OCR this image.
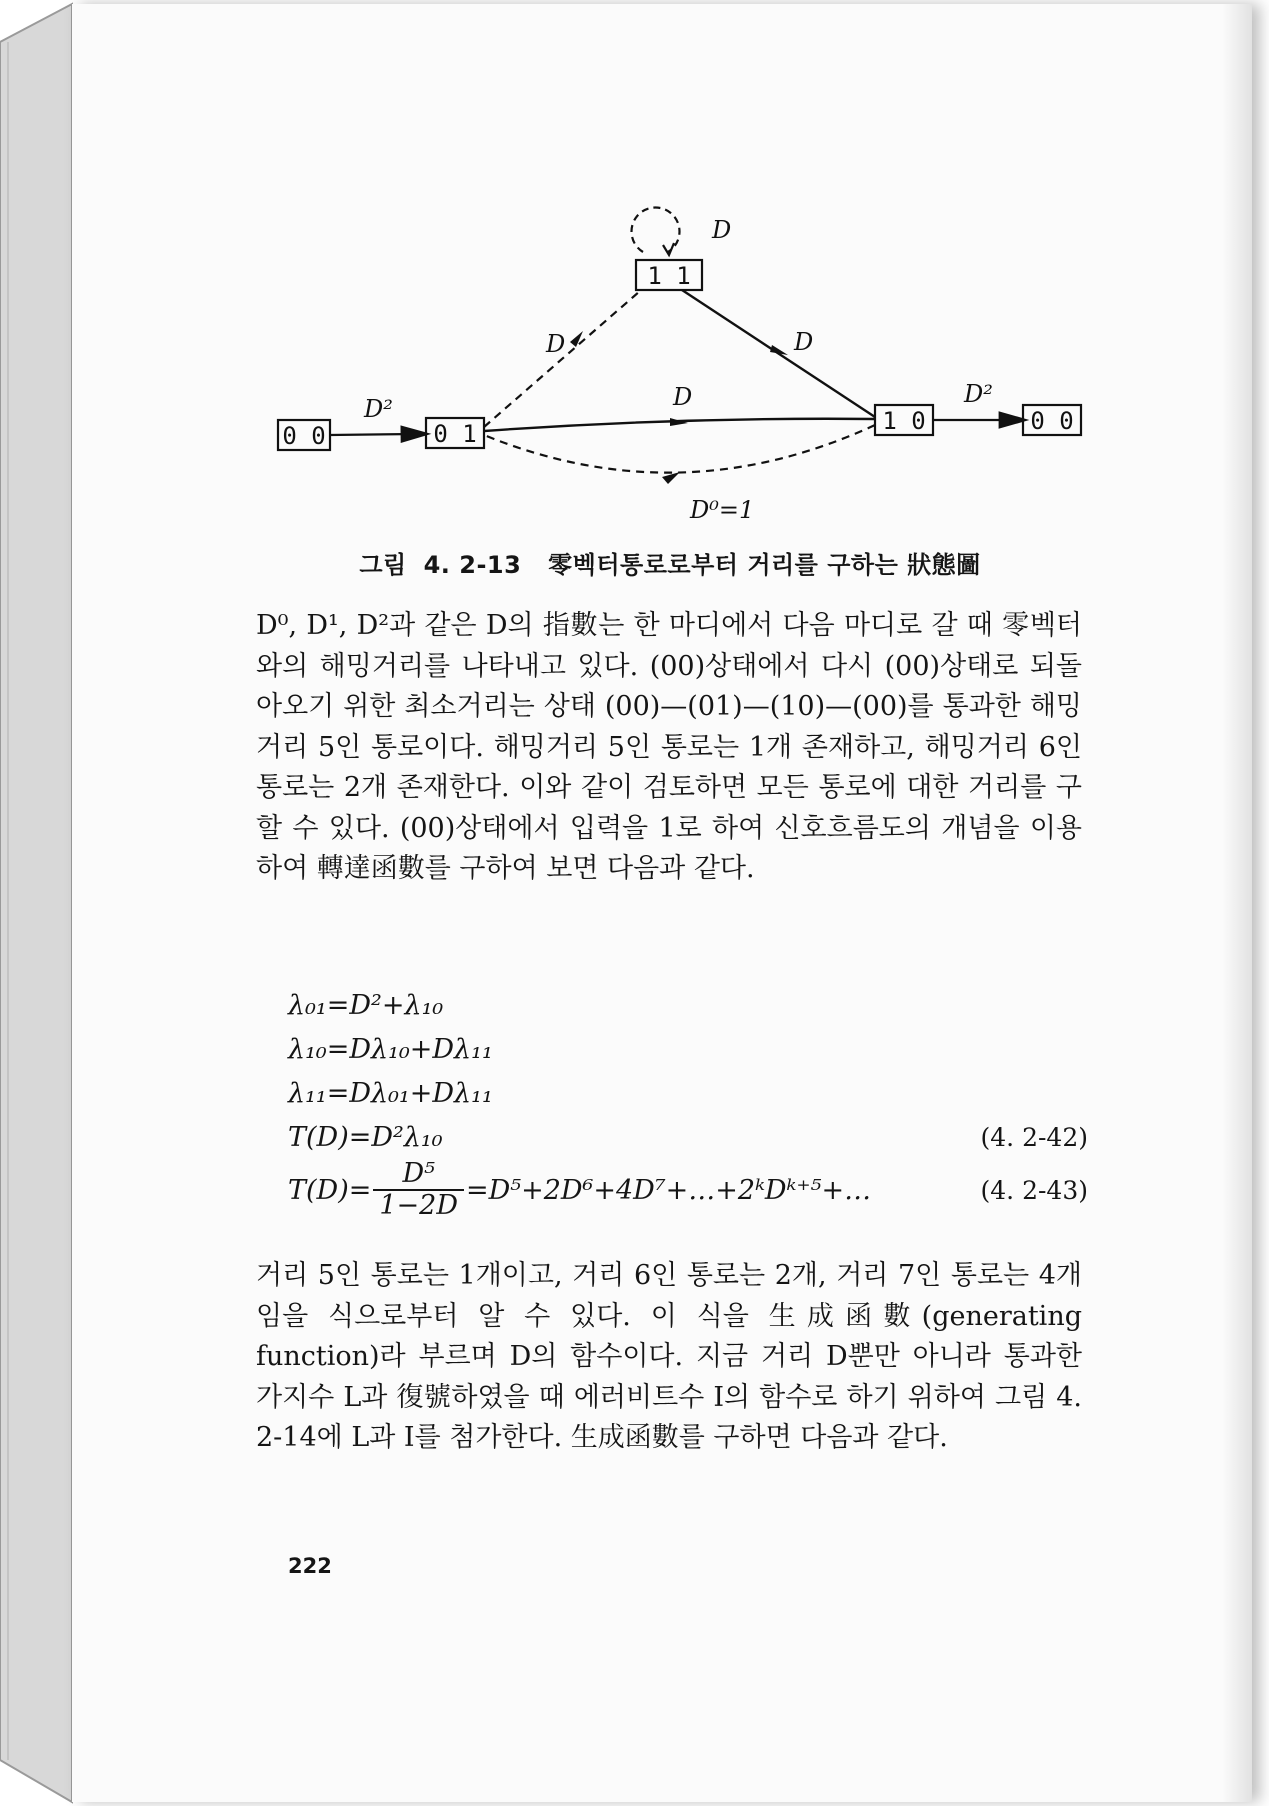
D
1 1
0 0	0 1	1 0	0 0
D²
D	D
D	D²
D⁰=1
그림 4. 2-13 零벡터통로로부터 거리를 구하는 狀態圖

D⁰, D¹, D²과 같은 D의 指數는 한 마디에서 다음 마디로 갈 때 零벡터와의 해밍거리를 나타내고 있다. (00)상태에서 다시 (00)상태로 되돌아오기 위한 최소거리는 상태 (00)—(01)—(10)—(00)를 통과한 해밍거리 5인 통로이다. 해밍거리 5인 통로는 1개 존재하고, 해밍거리 6인 통로는 2개 존재한다. 이와 같이 검토하면 모든 통로에 대한 거리를 구할 수 있다. (00)상태에서 입력을 1로 하여 신호흐름도의 개념을 이용하여 轉達函數를 구하여 보면 다음과 같다.

λ₀₁=D²+λ₁₀
λ₁₀=Dλ₁₀+Dλ₁₁
λ₁₁=Dλ₀₁+Dλ₁₁
T(D)=D²λ₁₀	(4. 2-42)
$T(D)= \frac{\text{D⁵}}{1-2D}$ =D⁵+2D⁶+4D⁷+…+2ᵏDᵏ⁺⁵+…	(4. 2-43)

거리 5인 통로는 1개이고, 거리 6인 통로는 2개, 거리 7인 통로는 4개임을 식으로부터 알 수 있다. 이 식을 生成函數(generating function)라 부르며 D의 함수이다. 지금 거리 D뿐만 아니라 통과한 가지수 L과 復號하였을 때 에러비트수 I의 함수로 하기 위하여 그림 4. 2-14에 L과 I를 첨가한다. 生成函數를 구하면 다음과 같다.

222
